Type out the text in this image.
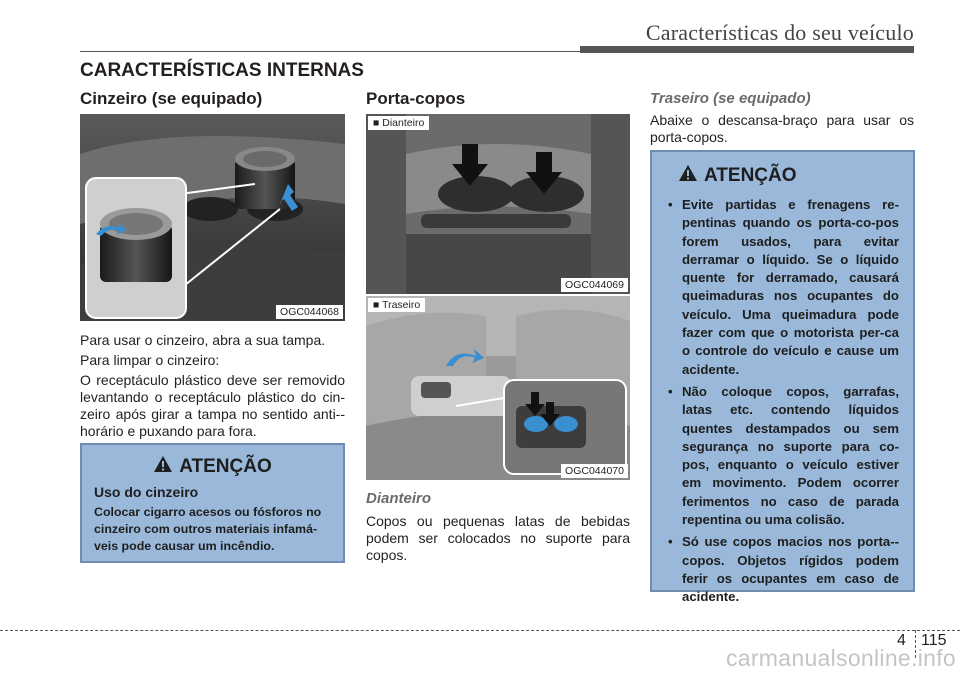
Características do seu veículo
CARACTERÍSTICAS INTERNAS
Cinzeiro (se equipado)
OGC044068
Para usar o cinzeiro, abra a sua tampa.
Para limpar o cinzeiro:
O receptáculo plástico deve ser removido levantando o receptáculo plástico do cin-zeiro após girar a tampa no sentido anti--horário e puxando para fora.
ATENÇÃO
Uso do cinzeiro
Colocar cigarro acesos ou fósforos no cinzeiro com outros materiais infamá-veis pode causar um incêndio.
Porta-copos
■ Dianteiro
OGC044069
■ Traseiro
OGC044070
Dianteiro
Copos ou pequenas latas de bebidas podem ser colocados no suporte para copos.
Traseiro (se equipado)
Abaixe o descansa-braço para usar os porta-copos.
ATENÇÃO
• Evite partidas e frenagens re-pentinas quando os porta-co-pos forem usados, para evitar derramar o líquido. Se o líquido quente for derramado, causará queimaduras nos ocupantes do veículo. Uma queimadura pode fazer com que o motorista per-ca o controle do veículo e cause um acidente.
• Não coloque copos, garrafas, latas etc. contendo líquidos quentes destampados ou sem segurança no suporte para co-pos, enquanto o veículo estiver em movimento. Podem ocorrer ferimentos no caso de parada repentina ou uma colisão.
• Só use copos macios nos porta--copos. Objetos rígidos podem ferir os ocupantes em caso de acidente.
4 115
carmanualsonline.info
